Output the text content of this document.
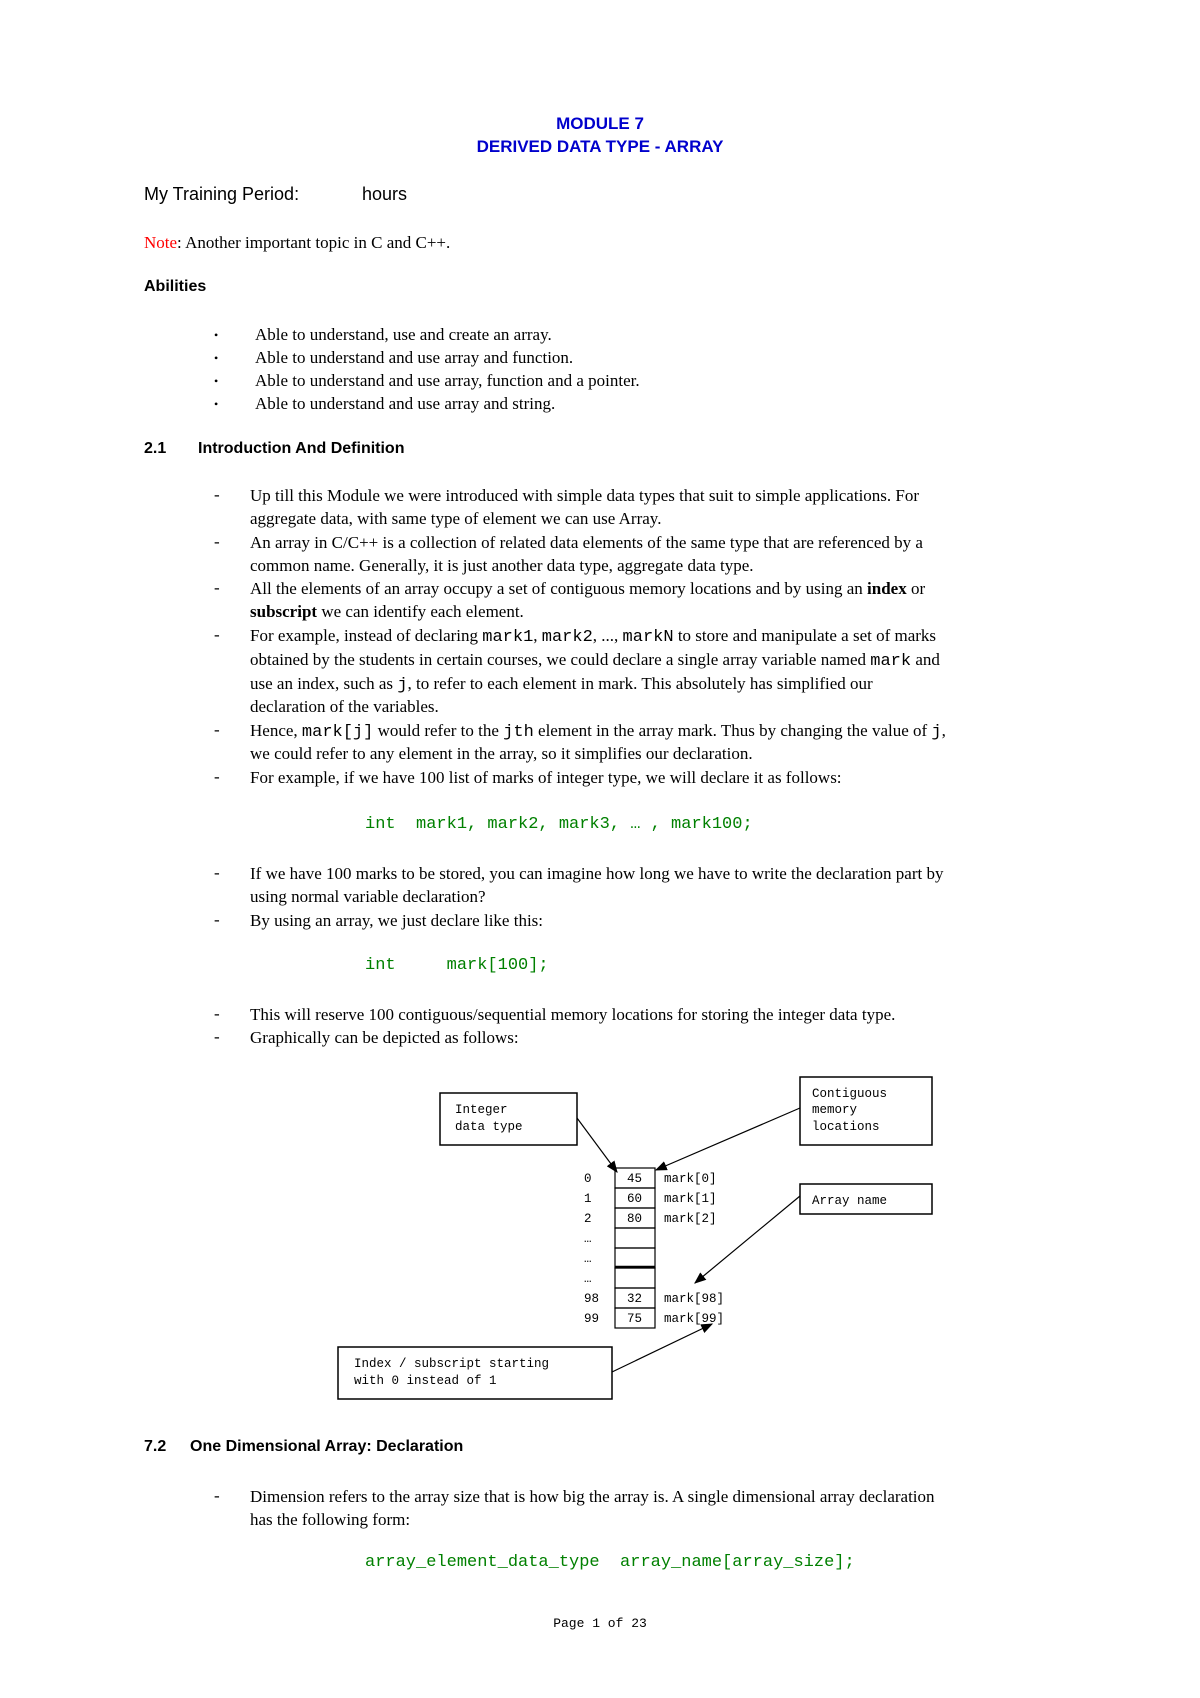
MODULE 7
DERIVED DATA TYPE - ARRAY
My Training Period:	hours
Note: Another important topic in C and C++.
Abilities
• Able to understand, use and create an array.
• Able to understand and use array and function.
• Able to understand and use array, function and a pointer.
• Able to understand and use array and string.
2.1 Introduction And Definition
- Up till this Module we were introduced with simple data types that suit to simple applications. For
aggregate data, with same type of element we can use Array.
- An array in C/C++ is a collection of related data elements of the same type that are referenced by a
common name. Generally, it is just another data type, aggregate data type.
- All the elements of an array occupy a set of contiguous memory locations and by using an index or
subscript we can identify each element.
- For example, instead of declaring mark1, mark2, ..., markN to store and manipulate a set of marks
obtained by the students in certain courses, we could declare a single array variable named mark and
use an index, such as j, to refer to each element in mark. This absolutely has simplified our
declaration of the variables.
- Hence, mark[j] would refer to the jth element in the array mark. Thus by changing the value of j,
we could refer to any element in the array, so it simplifies our declaration.
- For example, if we have 100 list of marks of integer type, we will declare it as follows:
int  mark1, mark2, mark3, … , mark100;
- If we have 100 marks to be stored, you can imagine how long we have to write the declaration part by
using normal variable declaration?
- By using an array, we just declare like this:
int     mark[100];
- This will reserve 100 contiguous/sequential memory locations for storing the integer data type.
- Graphically can be depicted as follows:
Integer
data type
Contiguous
memory
locations
Array name
Index / subscript starting
with 0 instead of 1
0
1
2
…
…
…
98
99
45
60
80
32
75
mark[0]
mark[1]
mark[2]
mark[98]
mark[99]
7.2 One Dimensional Array: Declaration
- Dimension refers to the array size that is how big the array is. A single dimensional array declaration
has the following form:
array_element_data_type  array_name[array_size];
Page 1 of 23
